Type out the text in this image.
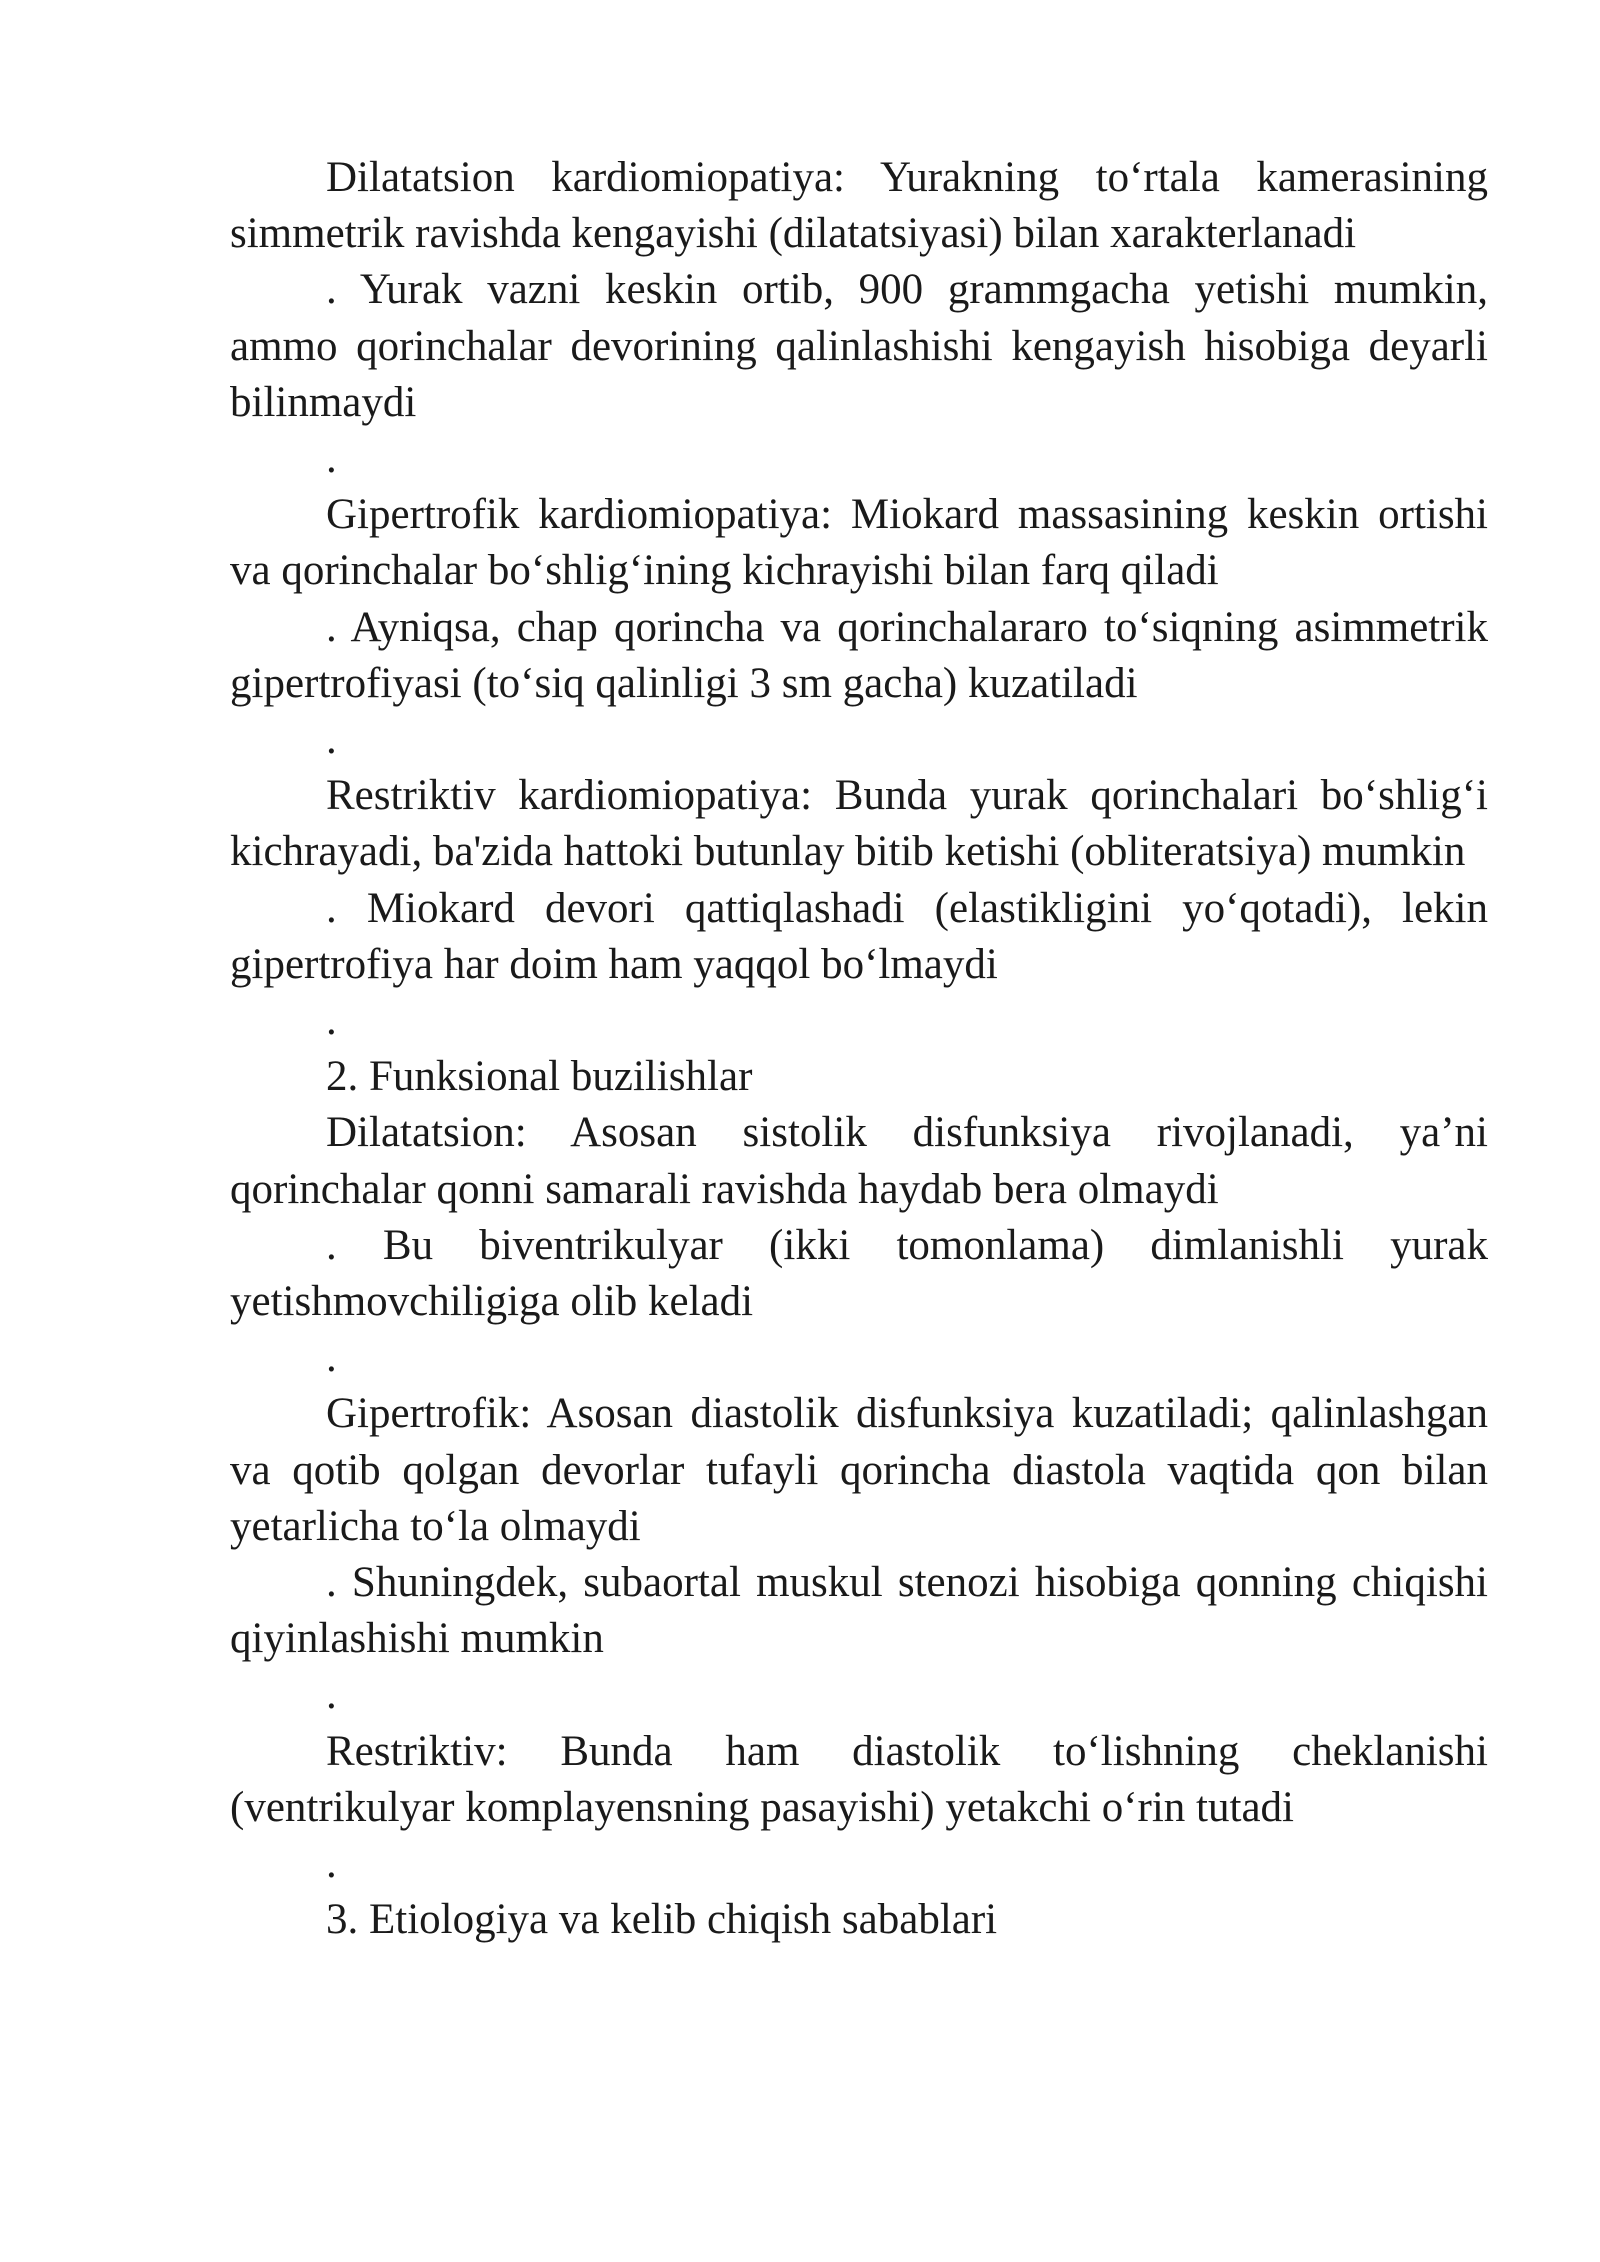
Dilatatsion kardiomiopatiya: Yurakning to‘rtala kamerasining simmetrik ravishda kengayishi (dilatatsiyasi) bilan xarakterlanadi

. Yurak vazni keskin ortib, 900 grammgacha yetishi mumkin, ammo qorinchalar devorining qalinlashishi kengayish hisobiga deyarli bilinmaydi

.

Gipertrofik kardiomiopatiya: Miokard massasining keskin ortishi va qorinchalar bo‘shlig‘ining kichrayishi bilan farq qiladi

. Ayniqsa, chap qorincha va qorinchalararo to‘siqning asimmetrik gipertrofiyasi (to‘siq qalinligi 3 sm gacha) kuzatiladi

.

Restriktiv kardiomiopatiya: Bunda yurak qorinchalari bo‘shlig‘i kichrayadi, ba'zida hattoki butunlay bitib ketishi (obliteratsiya) mumkin

. Miokard devori qattiqlashadi (elastikligini yo‘qotadi), lekin gipertrofiya har doim ham yaqqol bo‘lmaydi

.

2. Funksional buzilishlar

Dilatatsion: Asosan sistolik disfunksiya rivojlanadi, ya’ni qorinchalar qonni samarali ravishda haydab bera olmaydi

. Bu biventrikulyar (ikki tomonlama) dimlanishli yurak yetishmovchiligiga olib keladi

.

Gipertrofik: Asosan diastolik disfunksiya kuzatiladi; qalinlashgan va qotib qolgan devorlar tufayli qorincha diastola vaqtida qon bilan yetarlicha to‘la olmaydi

. Shuningdek, subaortal muskul stenozi hisobiga qonning chiqishi qiyinlashishi mumkin

.

Restriktiv: Bunda ham diastolik to‘lishning cheklanishi (ventrikulyar komplayensning pasayishi) yetakchi o‘rin tutadi

.

3. Etiologiya va kelib chiqish sabablari
